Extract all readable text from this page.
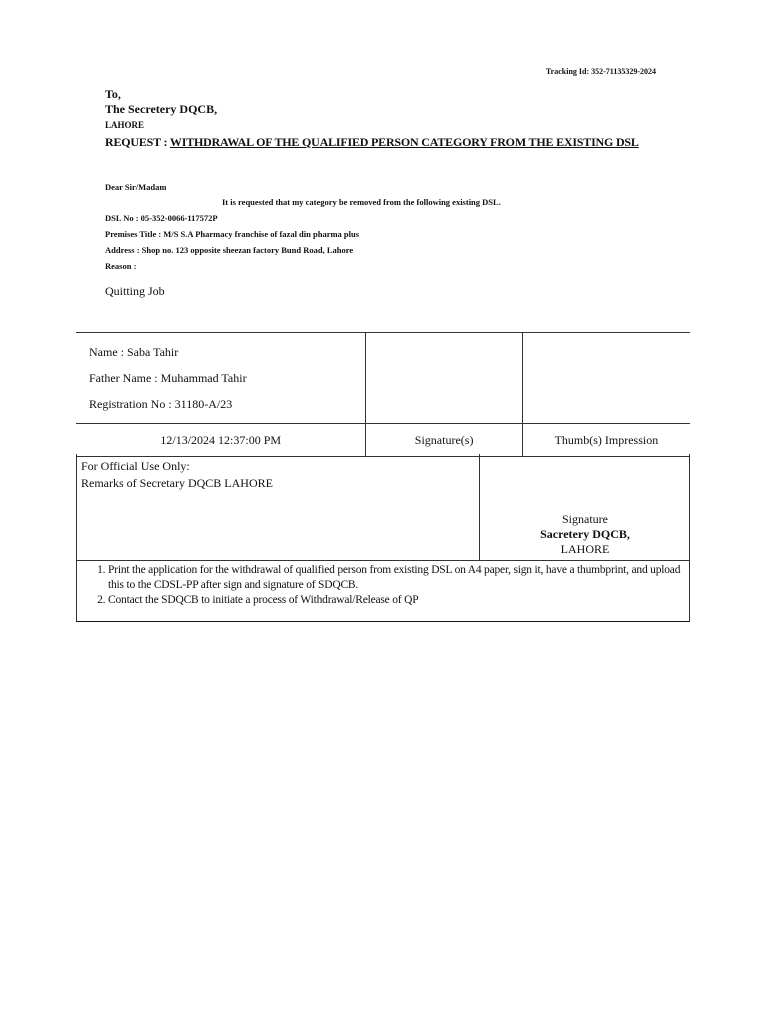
Tracking Id: 352-71135329-2024
To,
The Secretery DQCB,
LAHORE
REQUEST : WITHDRAWAL OF THE QUALIFIED PERSON CATEGORY FROM THE EXISTING DSL
Dear Sir/Madam
It is requested that my category be removed from the following existing DSL.
DSL No : 05-352-0066-117572P
Premises Title : M/S S.A Pharmacy franchise of fazal din pharma plus
Address : Shop no. 123 opposite sheezan factory Bund Road, Lahore
Reason :
Quitting Job
Name : Saba Tahir
Father Name : Muhammad Tahir
Registration No : 31180-A/23		

12/13/2024 12:37:00 PM	Signature(s)	Thumb(s) Impression
For Official Use Only:
Remarks of Secretary DQCB LAHORE
Signature
Sacretery DQCB,
LAHORE
1. Print the application for the withdrawal of qualified person from existing DSL on A4 paper, sign it, have a thumbprint, and upload this to the CDSL-PP after sign and signature of SDQCB.
2. Contact the SDQCB to initiate a process of Withdrawal/Release of QP
